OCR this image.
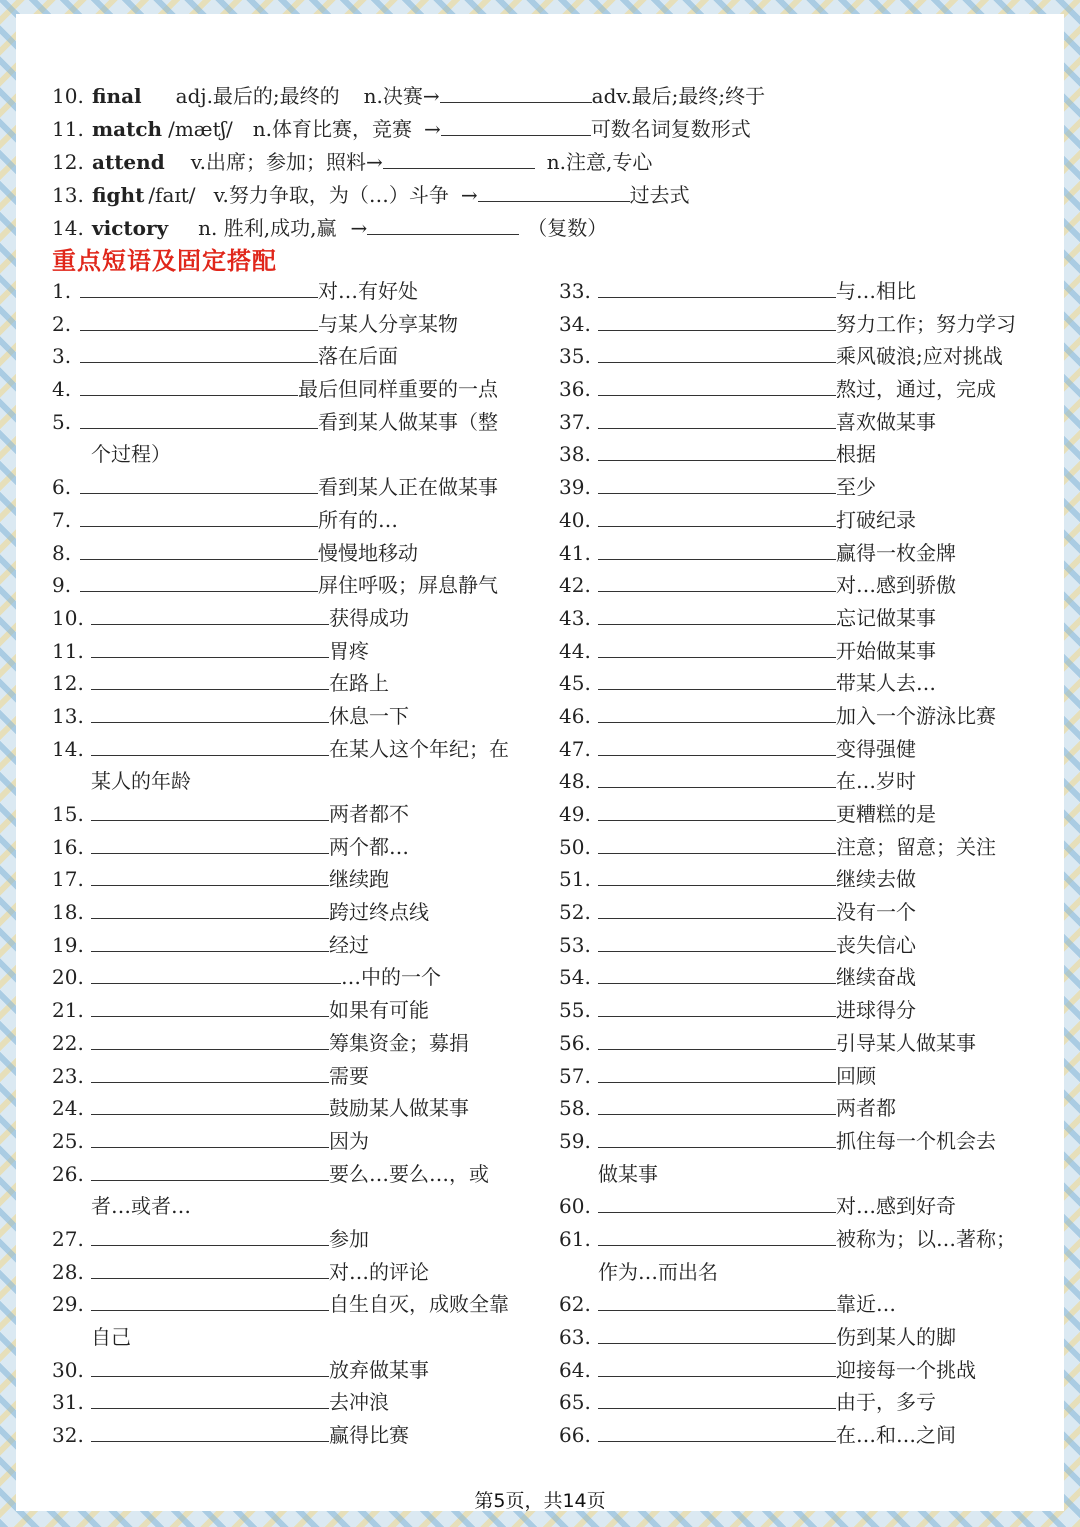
10. final adj.最后的;最终的 n.决赛→	adv.最后;最终;终于
11. match /mætʃ/ n.体育比赛，竞赛 →	可数名词复数形式
12. attend v.出席；参加；照料→	n.注意,专心
13. fight /faɪt/ v.努力争取，为（…）斗争 →	过去式
14. victory n. 胜利,成功,赢 →	（复数）
重点短语及固定搭配
1.	对…有好处
2.	与某人分享某物
3.	落在后面
4.	最后但同样重要的一点
5.	看到某人做某事（整
个过程）
6.	看到某人正在做某事
7.	所有的…
8.	慢慢地移动
9.	屏住呼吸；屏息静气
10.	获得成功
11.	胃疼
12.	在路上
13.	休息一下
14.	在某人这个年纪；在
某人的年龄
15.	两者都不
16.	两个都…
17.	继续跑
18.	跨过终点线
19.	经过
20.	…中的一个
21.	如果有可能
22.	筹集资金；募捐
23.	需要
24.	鼓励某人做某事
25.	因为
26.	要么…要么…，或
者…或者…
27.	参加
28.	对…的评论
29.	自生自灭，成败全靠
自己
30.	放弃做某事
31.	去冲浪
32.	赢得比赛
33.	与…相比
34.	努力工作；努力学习
35.	乘风破浪;应对挑战
36.	熬过，通过，完成
37.	喜欢做某事
38.	根据
39.	至少
40.	打破纪录
41.	赢得一枚金牌
42.	对…感到骄傲
43.	忘记做某事
44.	开始做某事
45.	带某人去…
46.	加入一个游泳比赛
47.	变得强健
48.	在…岁时
49.	更糟糕的是
50.	注意；留意；关注
51.	继续去做
52.	没有一个
53.	丧失信心
54.	继续奋战
55.	进球得分
56.	引导某人做某事
57.	回顾
58.	两者都
59.	抓住每一个机会去
做某事
60.	对…感到好奇
61.	被称为；以…著称；
作为…而出名
62.	靠近…
63.	伤到某人的脚
64.	迎接每一个挑战
65.	由于，多亏
66.	在…和…之间
第5页，共14页
